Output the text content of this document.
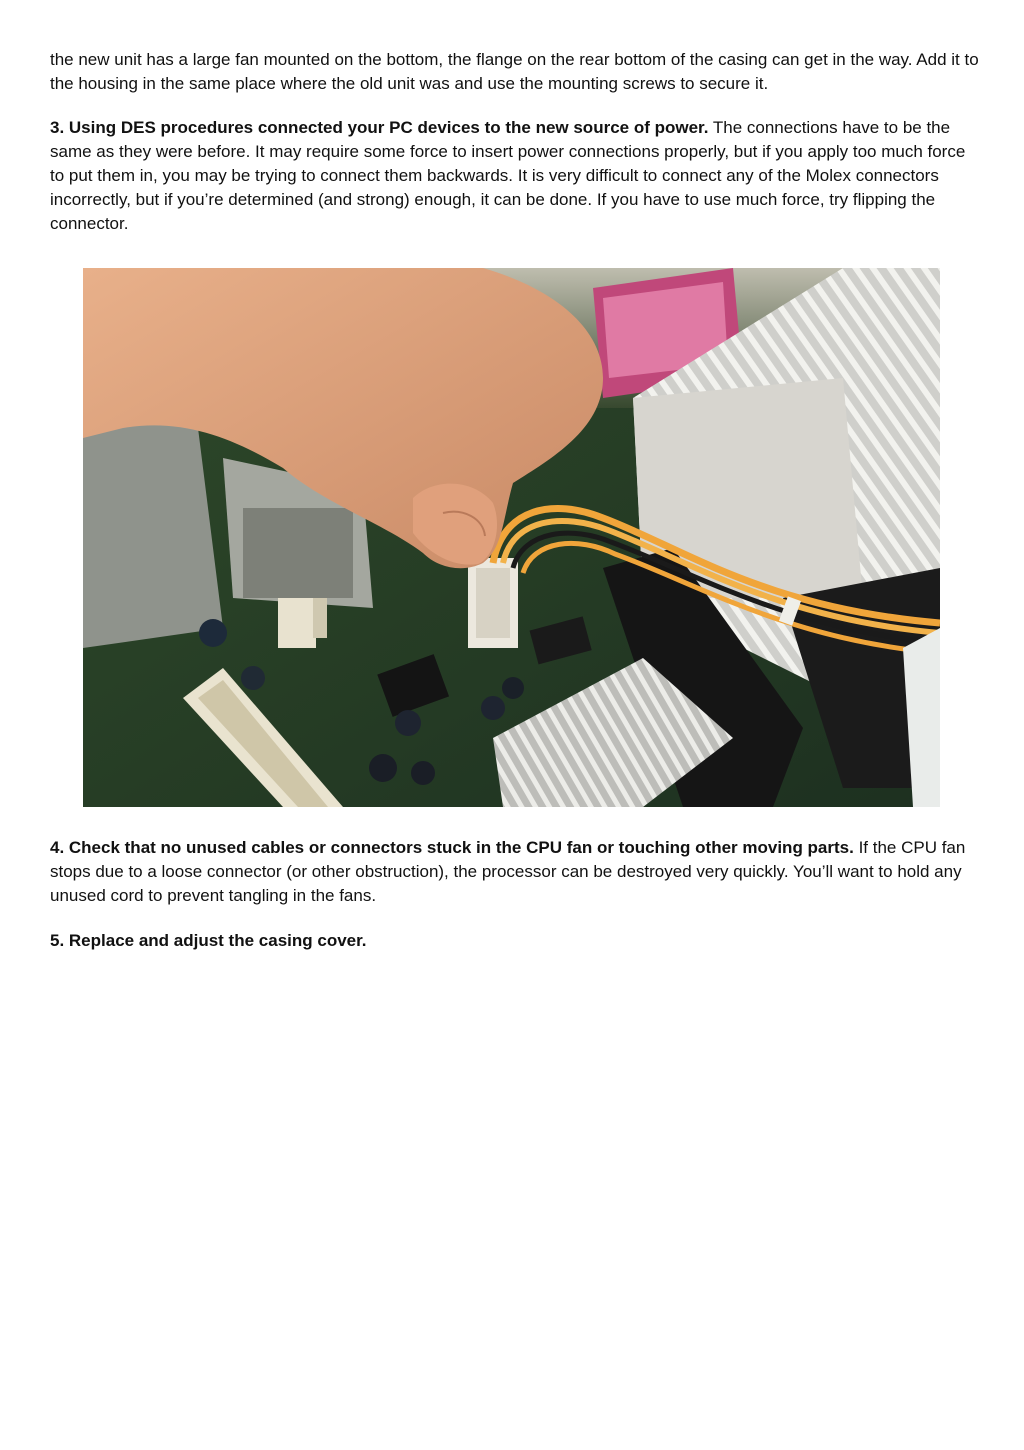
the new unit has a large fan mounted on the bottom, the flange on the rear bottom of the casing can get in the way. Add it to the housing in the same place where the old unit was and use the mounting screws to secure it.

3. Using DES procedures connected your PC devices to the new source of power. The connections have to be the same as they were before. It may require some force to insert power connections properly, but if you apply too much force to put them in, you may be trying to connect them backwards. It is very difficult to connect any of the Molex connectors incorrectly, but if you’re determined (and strong) enough, it can be done. If you have to use much force, try flipping the connector.

4. Check that no unused cables or connectors stuck in the CPU fan or touching other moving parts. If the CPU fan stops due to a loose connector (or other obstruction), the processor can be destroyed very quickly. You’ll want to hold any unused cord to prevent tangling in the fans.

5. Replace and adjust the casing cover.
